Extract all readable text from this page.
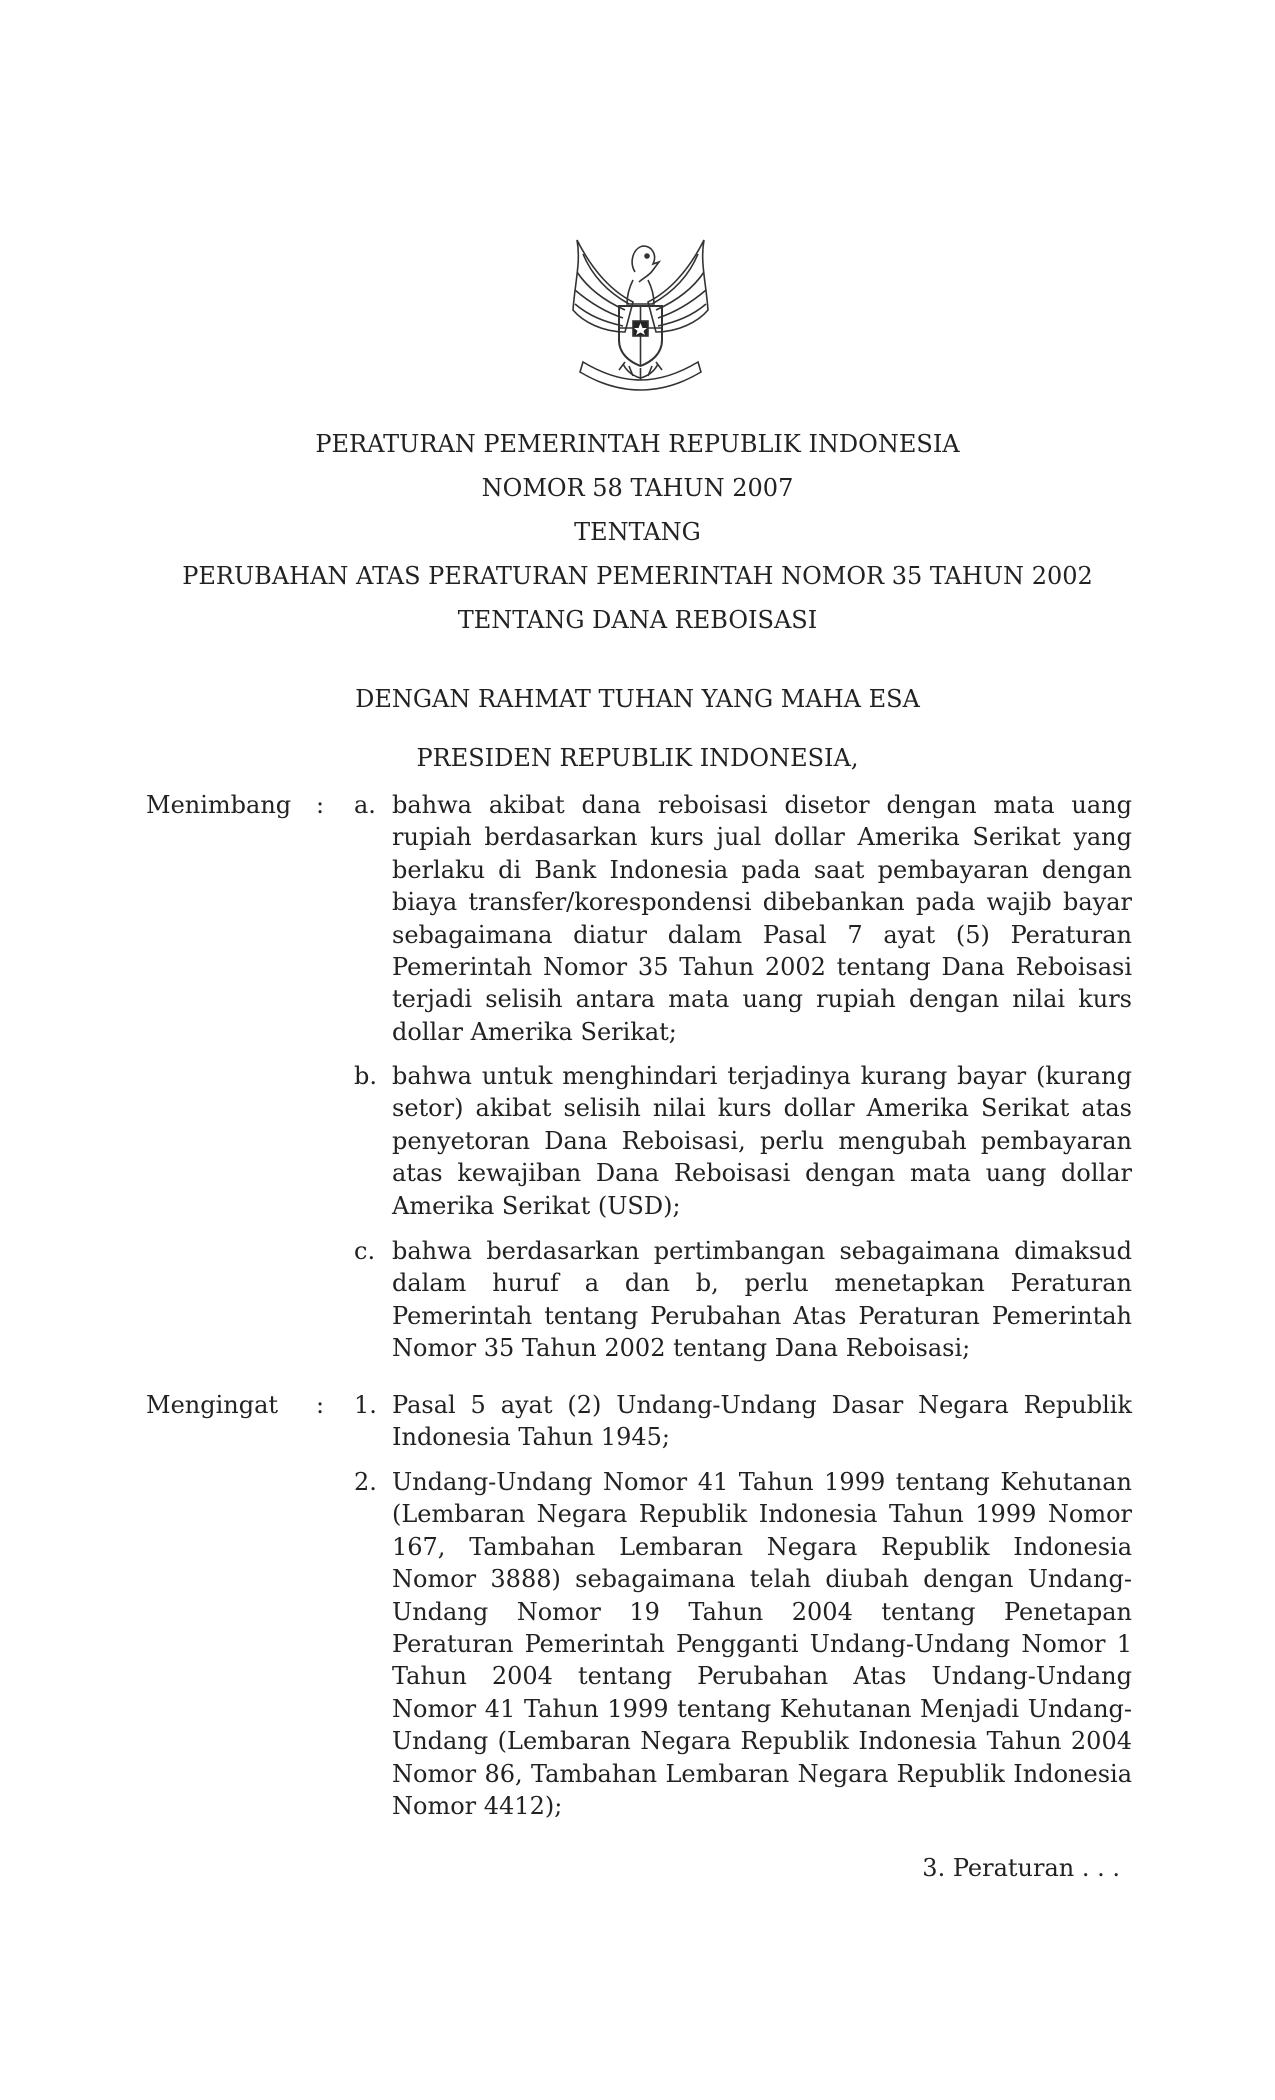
PERATURAN PEMERINTAH REPUBLIK INDONESIA
NOMOR 58 TAHUN 2007
TENTANG
PERUBAHAN ATAS PERATURAN PEMERINTAH NOMOR 35 TAHUN 2002
TENTANG DANA REBOISASI
DENGAN RAHMAT TUHAN YANG MAHA ESA
PRESIDEN REPUBLIK INDONESIA,
Menimbang : a. bahwa akibat dana reboisasi disetor dengan mata uang rupiah berdasarkan kurs jual dollar Amerika Serikat yang berlaku di Bank Indonesia pada saat pembayaran dengan biaya transfer/korespondensi dibebankan pada wajib bayar sebagaimana diatur dalam Pasal 7 ayat (5) Peraturan Pemerintah Nomor 35 Tahun 2002 tentang Dana Reboisasi terjadi selisih antara mata uang rupiah dengan nilai kurs dollar Amerika Serikat;
b. bahwa untuk menghindari terjadinya kurang bayar (kurang setor) akibat selisih nilai kurs dollar Amerika Serikat atas penyetoran Dana Reboisasi, perlu mengubah pembayaran atas kewajiban Dana Reboisasi dengan mata uang dollar Amerika Serikat (USD);
c. bahwa berdasarkan pertimbangan sebagaimana dimaksud dalam huruf a dan b, perlu menetapkan Peraturan Pemerintah tentang Perubahan Atas Peraturan Pemerintah Nomor 35 Tahun 2002 tentang Dana Reboisasi;
Mengingat : 1. Pasal 5 ayat (2) Undang-Undang Dasar Negara Republik Indonesia Tahun 1945;
2. Undang-Undang Nomor 41 Tahun 1999 tentang Kehutanan (Lembaran Negara Republik Indonesia Tahun 1999 Nomor 167, Tambahan Lembaran Negara Republik Indonesia Nomor 3888) sebagaimana telah diubah dengan Undang-Undang Nomor 19 Tahun 2004 tentang Penetapan Peraturan Pemerintah Pengganti Undang-Undang Nomor 1 Tahun 2004 tentang Perubahan Atas Undang-Undang Nomor 41 Tahun 1999 tentang Kehutanan Menjadi Undang-Undang (Lembaran Negara Republik Indonesia Tahun 2004 Nomor 86, Tambahan Lembaran Negara Republik Indonesia Nomor 4412);
3. Peraturan . . .
